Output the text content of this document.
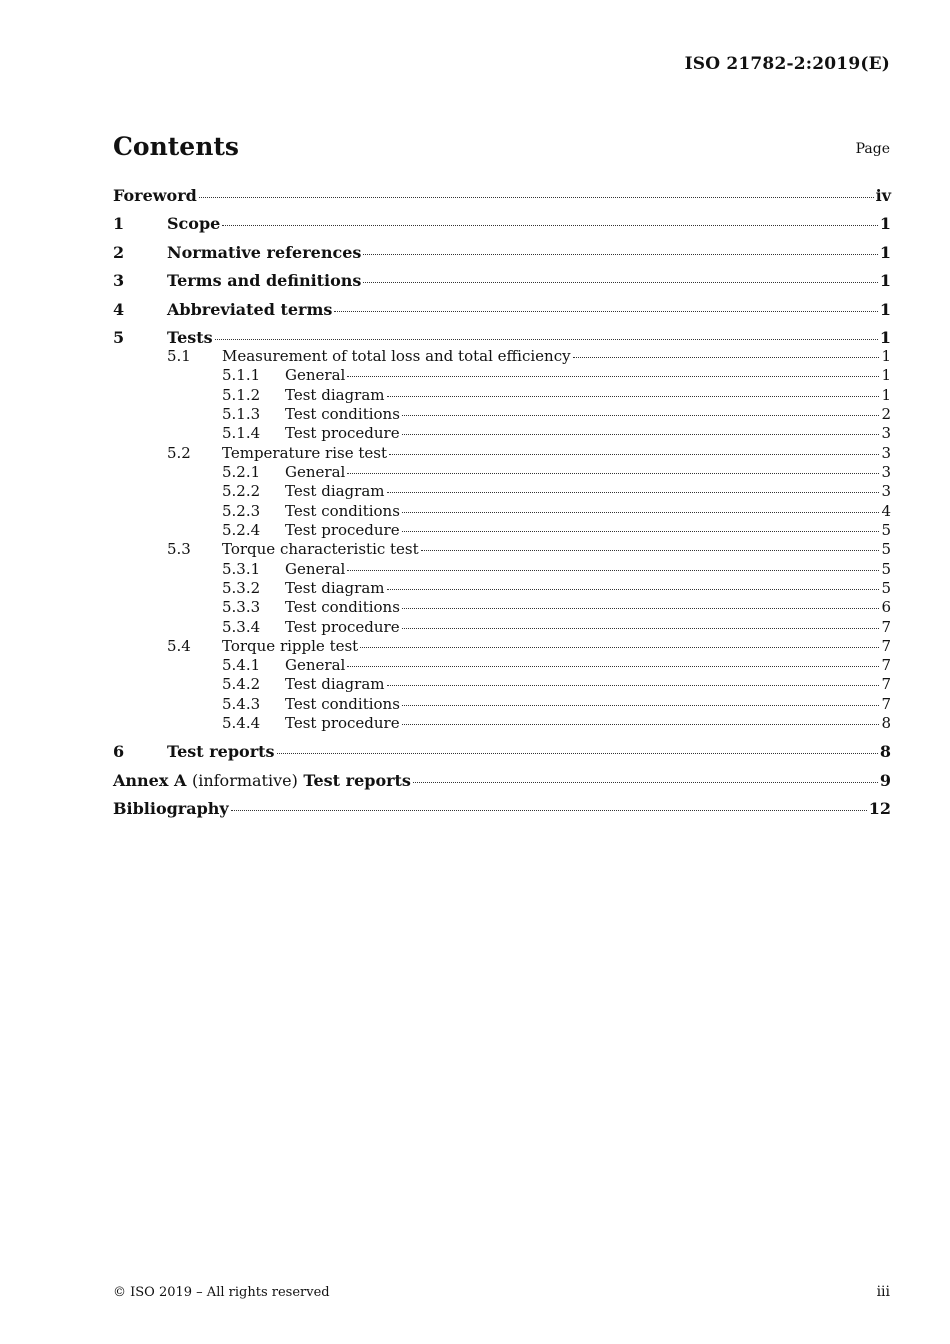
ISO 21782-2:2019(E)
Contents	Page
Foreword	iv
1	Scope	1
2	Normative references	1
3	Terms and definitions	1
4	Abbreviated terms	1
5	Tests	1
5.1	Measurement of total loss and total efficiency	1
5.1.1	General	1
5.1.2	Test diagram	1
5.1.3	Test conditions	2
5.1.4	Test procedure	3
5.2	Temperature rise test	3
5.2.1	General	3
5.2.2	Test diagram	3
5.2.3	Test conditions	4
5.2.4	Test procedure	5
5.3	Torque characteristic test	5
5.3.1	General	5
5.3.2	Test diagram	5
5.3.3	Test conditions	6
5.3.4	Test procedure	7
5.4	Torque ripple test	7
5.4.1	General	7
5.4.2	Test diagram	7
5.4.3	Test conditions	7
5.4.4	Test procedure	8
6	Test reports	8
Annex A (informative) Test reports	9
Bibliography	12
© ISO 2019 – All rights reserved	iii
